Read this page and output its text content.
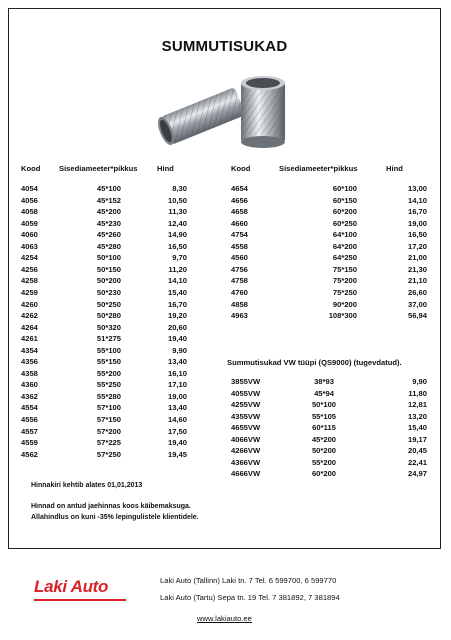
SUMMUTISUKAD
Kood Sisediameeter*pikkus	Hind	Kood	Sisediameeter*pikkus	Hind
4054	45*100	8,30
4056	45*152	10,50
4058	45*200	11,30
4059	45*230	12,40
4060	45*260	14,90
4063	45*280	16,50
4254	50*100	9,70
4256	50*150	11,20
4258	50*200	14,10
4259	50*230	15,40
4260	50*250	16,70
4262	50*280	19,20
4264	50*320	20,60
4261	51*275	19,40
4354	55*100	9,90
4356	55*150	13,40
4358	55*200	16,10
4360	55*250	17,10
4362	55*280	19,00
4554	57*100	13,40
4556	57*150	14,60
4557	57*200	17,50
4559	57*225	19,40
4562	57*250	19,45
4654	60*100	13,00
4656	60*150	14,10
4658	60*200	16,70
4660	60*250	19,00
4754	64*100	16,50
4558	64*200	17,20
4560	64*250	21,00
4756	75*150	21,30
4758	75*200	21,10
4760	75*250	26,60
4858	90*200	37,00
4963	108*300	56,94
Summutisukad VW tüüpi (QS9000) (tugevdatud).
3855VW	38*93	9,90
4055VW	45*94	11,80
4255VW	50*100	12,81
4355VW	55*105	13,20
4655VW	60*115	15,40
4066VW	45*200	19,17
4266VW	50*200	20,45
4366VW	55*200	22,41
4666VW	60*200	24,97
Hinnakiri kehtib alates 01,01,2013
Hinnad on antud jaehinnas koos käibemaksuga.
Allahindlus on kuni -35% lepingulistele klientidele.
Laki Auto	Laki Auto (Tallinn) Laki tn. 7 Tel. 6 599700, 6 599770
Laki Auto (Tartu) Sepa tn. 19 Tel. 7 381892, 7 381894
www.lakiauto.ee
